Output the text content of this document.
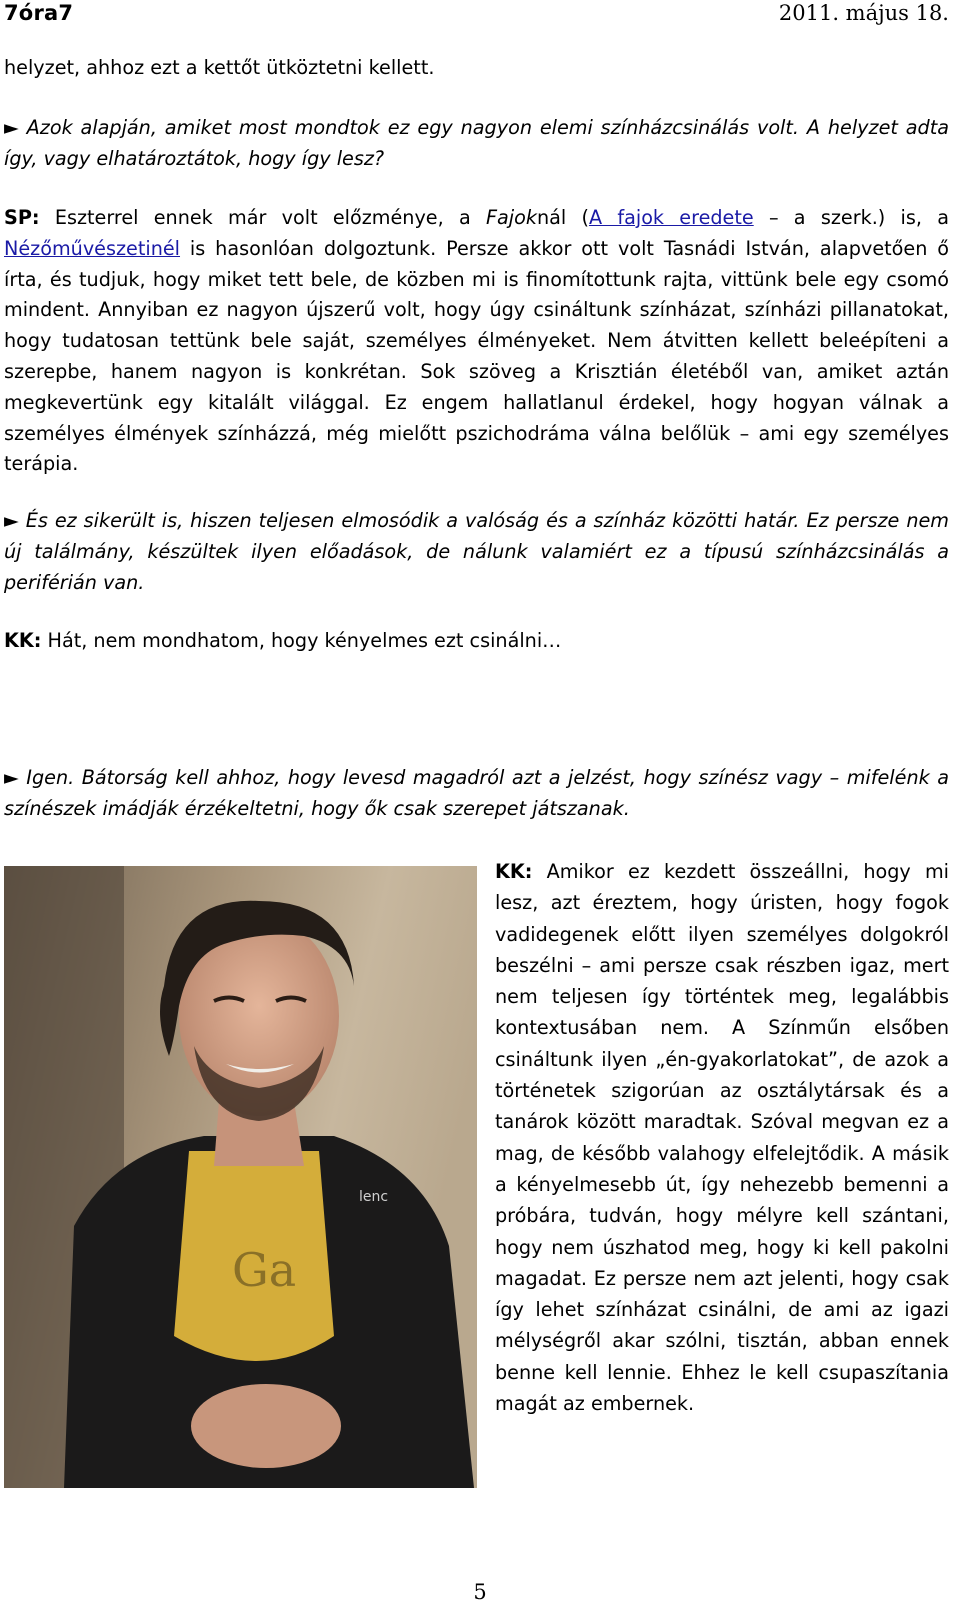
7óra7	2011. május 18.
helyzet, ahhoz ezt a kettőt ütköztetni kellett.
► Azok alapján, amiket most mondtok ez egy nagyon elemi színházcsinálás volt. A helyzet adta így, vagy elhatároztátok, hogy így lesz?
SP: Eszterrel ennek már volt előzménye, a Fajoknál (A fajok eredete – a szerk.) is, a Nézőművészetinél is hasonlóan dolgoztunk. Persze akkor ott volt Tasnádi István, alapvetően ő írta, és tudjuk, hogy miket tett bele, de közben mi is finomítottunk rajta, vittünk bele egy csomó mindent. Annyiban ez nagyon újszerű volt, hogy úgy csináltunk színházat, színházi pillanatokat, hogy tudatosan tettünk bele saját, személyes élményeket. Nem átvitten kellett beleépíteni a szerepbe, hanem nagyon is konkrétan. Sok szöveg a Krisztián életéből van, amiket aztán megkevertünk egy kitalált világgal. Ez engem hallatlanul érdekel, hogy hogyan válnak a személyes élmények színházzá, még mielőtt pszichodráma válna belőlük – ami egy személyes terápia.
► És ez sikerült is, hiszen teljesen elmosódik a valóság és a színház közötti határ. Ez persze nem új találmány, készültek ilyen előadások, de nálunk valamiért ez a típusú színházcsinálás a periférián van.
KK: Hát, nem mondhatom, hogy kényelmes ezt csinálni…
► Igen. Bátorság kell ahhoz, hogy levesd magadról azt a jelzést, hogy színész vagy – mifelénk a színészek imádják érzékeltetni, hogy ők csak szerepet játszanak.
Ga
lenc
KK: Amikor ez kezdett összeállni, hogy mi lesz, azt éreztem, hogy úristen, hogy fogok vadidegenek előtt ilyen személyes dolgokról beszélni – ami persze csak részben igaz, mert nem teljesen így történtek meg, legalábbis kontextusában nem. A Színműn elsőben csináltunk ilyen „én-gyakorlatokat”, de azok a történetek szigorúan az osztálytársak és a tanárok között maradtak. Szóval megvan ez a mag, de később valahogy elfelejtődik. A másik a kényelmesebb út, így nehezebb bemenni a próbára, tudván, hogy mélyre kell szántani, hogy nem úszhatod meg, hogy ki kell pakolni magadat. Ez persze nem azt jelenti, hogy csak így lehet színházat csinálni, de ami az igazi mélységről akar szólni, tisztán, abban ennek benne kell lennie. Ehhez le kell csupaszítania magát az embernek.
5
